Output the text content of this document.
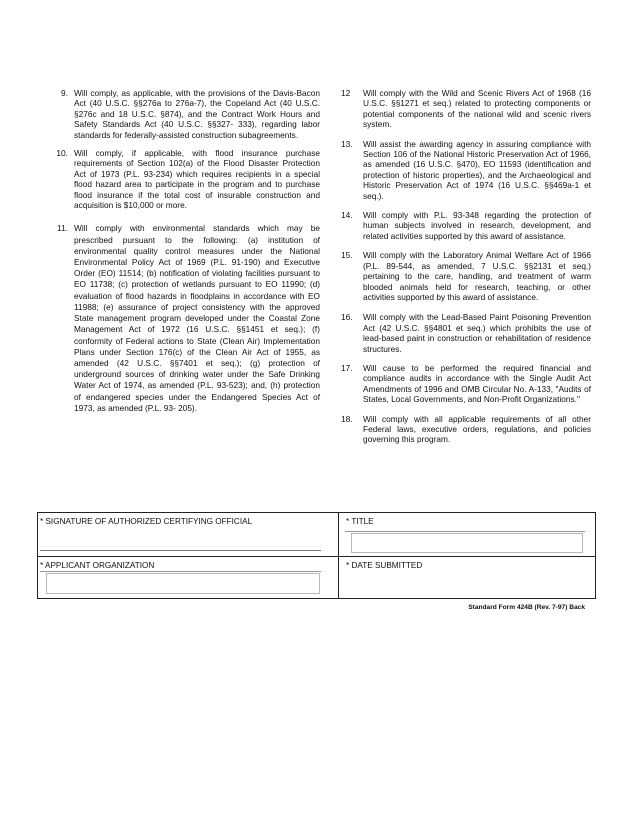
9. Will comply, as applicable, with the provisions of the Davis-Bacon Act (40 U.S.C. §§276a to 276a-7), the Copeland Act (40 U.S.C. §276c and 18 U.S.C. §874), and the Contract Work Hours and Safety Standards Act (40 U.S.C. §§327- 333), regarding labor standards for federally-assisted construction subagreements.
10. Will comply, if applicable, with flood insurance purchase requirements of Section 102(a) of the Flood Disaster Protection Act of 1973 (P.L. 93-234) which requires recipients in a special flood hazard area to participate in the program and to purchase flood insurance if the total cost of insurable construction and acquisition is $10,000 or more.
11. Will comply with environmental standards which may be prescribed pursuant to the following: (a) institution of environmental quality control measures under the National Environmental Policy Act of 1969 (P.L. 91-190) and Executive Order (EO) 11514; (b) notification of violating facilities pursuant to EO 11738; (c) protection of wetlands pursuant to EO 11990; (d) evaluation of flood hazards in floodplains in accordance with EO 11988; (e) assurance of project consistency with the approved State management program developed under the Coastal Zone Management Act of 1972 (16 U.S.C. §§1451 et seq.); (f) conformity of Federal actions to State (Clean Air) Implementation Plans under Section 176(c) of the Clean Air Act of 1955, as amended (42 U.S.C. §§7401 et seq.); (g) protection of underground sources of drinking water under the Safe Drinking Water Act of 1974, as amended (P.L. 93-523); and, (h) protection of endangered species under the Endangered Species Act of 1973, as amended (P.L. 93- 205).
12	Will comply with the Wild and Scenic Rivers Act of 1968 (16 U.S.C. §§1271 et seq.) related to protecting components or potential components of the national wild and scenic rivers system.
13.	Will assist the awarding agency in assuring compliance with Section 106 of the National Historic Preservation Act of 1966, as amended (16 U.S.C. §470), EO 11593 (identification and protection of historic properties), and the Archaeological and Historic Preservation Act of 1974 (16 U.S.C. §§469a-1 et seq.).
14.	Will comply with P.L. 93-348 regarding the protection of human subjects involved in research, development, and related activities supported by this award of assistance.
15.	Will comply with the Laboratory Animal Welfare Act of 1966 (P.L. 89-544, as amended, 7 U.S.C. §§2131 et seq.) pertaining to the care, handling, and treatment of warm blooded animals held for research, teaching, or other activities supported by this award of assistance.
16.	Will comply with the Lead-Based Paint Poisoning Prevention Act (42 U.S.C. §§4801 et seq.) which prohibits the use of lead-based paint in construction or rehabilitation of residence structures.
17.	Will cause to be performed the required financial and compliance audits in accordance with the Single Audit Act Amendments of 1996 and OMB Circular No. A-133, "Audits of States, Local Governments, and Non-Profit Organizations."
18.	Will comply with all applicable requirements of all other Federal laws, executive orders, regulations, and policies governing this program.
* SIGNATURE OF AUTHORIZED CERTIFYING OFFICIAL	* TITLE
* APPLICANT ORGANIZATION	* DATE SUBMITTED
Standard Form 424B (Rev. 7-97) Back
